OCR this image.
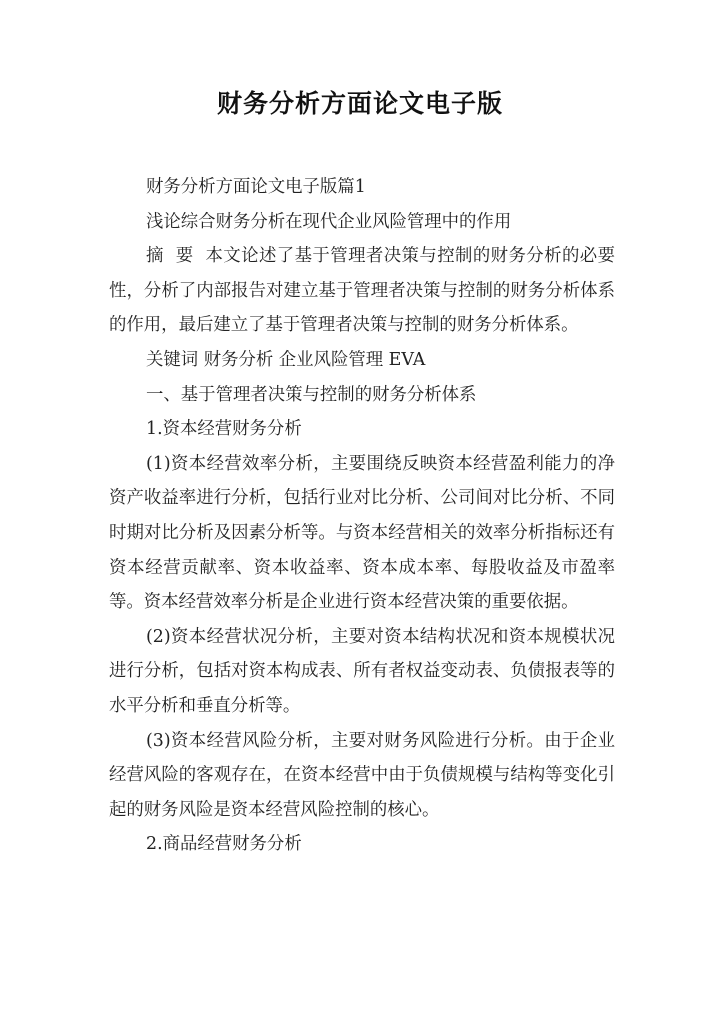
财务分析方面论文电子版

财务分析方面论文电子版篇1

浅论综合财务分析在现代企业风险管理中的作用

摘  要  本文论述了基于管理者决策与控制的财务分析的必要性，分析了内部报告对建立基于管理者决策与控制的财务分析体系的作用，最后建立了基于管理者决策与控制的财务分析体系。

关键词 财务分析 企业风险管理 EVA

一、基于管理者决策与控制的财务分析体系

1.资本经营财务分析

(1)资本经营效率分析，主要围绕反映资本经营盈利能力的净资产收益率进行分析，包括行业对比分析、公司间对比分析、不同时期对比分析及因素分析等。与资本经营相关的效率分析指标还有资本经营贡献率、资本收益率、资本成本率、每股收益及市盈率等。资本经营效率分析是企业进行资本经营决策的重要依据。

(2)资本经营状况分析，主要对资本结构状况和资本规模状况进行分析，包括对资本构成表、所有者权益变动表、负债报表等的水平分析和垂直分析等。

(3)资本经营风险分析，主要对财务风险进行分析。由于企业经营风险的客观存在，在资本经营中由于负债规模与结构等变化引起的财务风险是资本经营风险控制的核心。

2.商品经营财务分析
